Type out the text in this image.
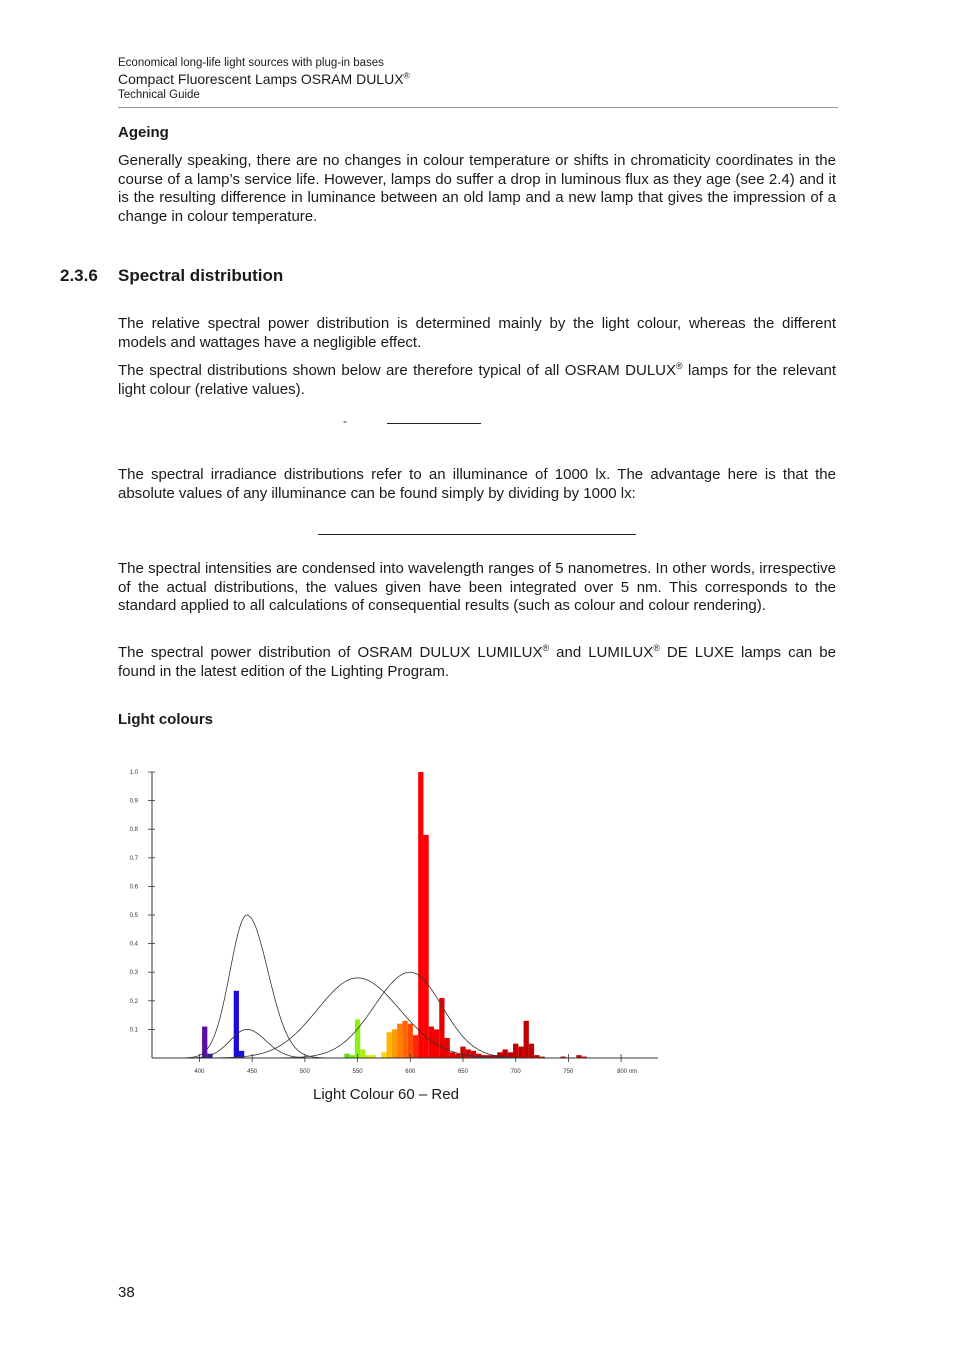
Economical long-life light sources with plug-in bases
Compact Fluorescent Lamps OSRAM DULUX®
Technical Guide
Ageing
Generally speaking, there are no changes in colour temperature or shifts in chromaticity coordinates in the course of a lamp’s service life. However, lamps do suffer a drop in luminous flux as they age (see 2.4) and it is the resulting difference in luminance between an old lamp and a new lamp that gives the impression of a change in colour temperature.
2.3.6 Spectral distribution
The relative spectral power distribution is determined mainly by the light colour, whereas the different models and wattages have a negligible effect.
The spectral distributions shown below are therefore typical of all OSRAM DULUX® lamps for the relevant light colour (relative values).
-
The spectral irradiance distributions refer to an illuminance of 1000 lx. The advantage here is that the absolute values of any illuminance can be found simply by dividing by 1000 lx:
The spectral intensities are condensed into wavelength ranges of 5 nanometres. In other words, irrespective of the actual distributions, the values given have been integrated over 5 nm. This corresponds to the standard applied to all calculations of consequential results (such as colour and colour rendering).
The spectral power distribution of OSRAM DULUX LUMILUX® and LUMILUX® DE LUXE lamps can be found in the latest edition of the Lighting Program.
Light colours
0.1
0.2
0.3
0.4
0.5
0.6
0.7
0.8
0.9
1.0
400	450	500	550	600	650	700	750	800 nm
Light Colour 60 – Red
38
